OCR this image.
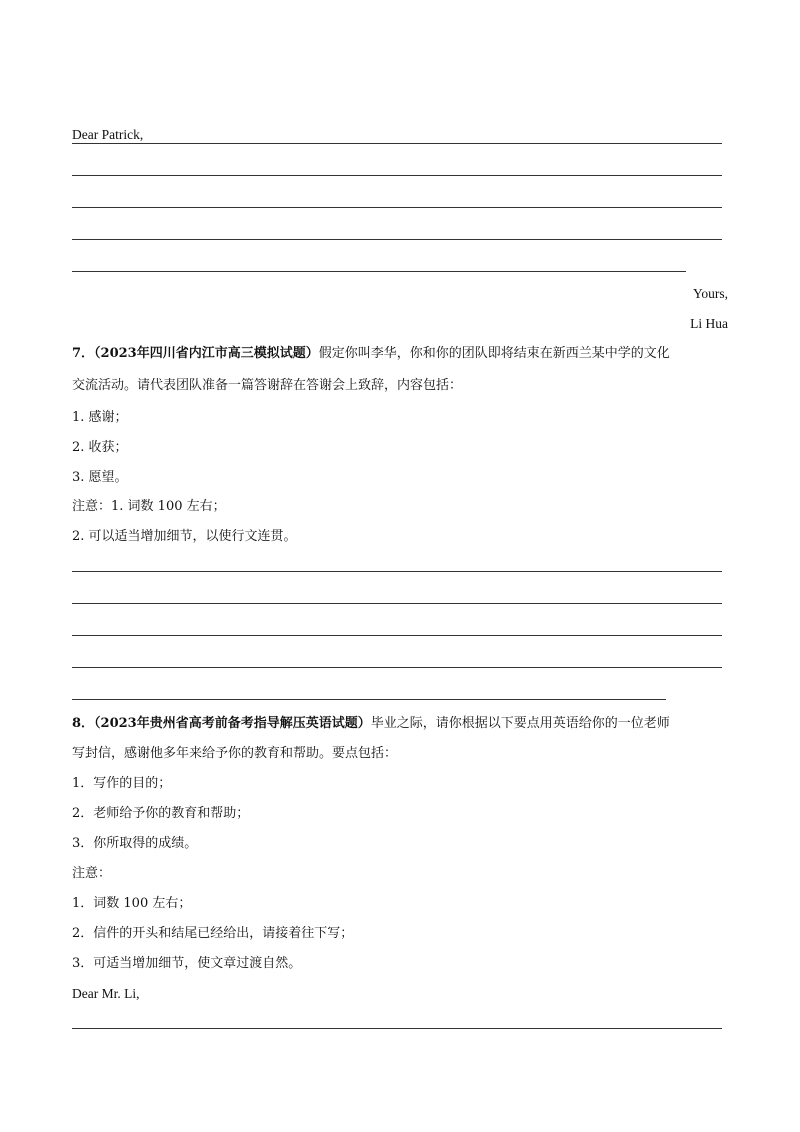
Dear Patrick,
Yours,
Li Hua
7．（2023年四川省内江市高三模拟试题）假定你叫李华，你和你的团队即将结束在新西兰某中学的文化
交流活动。请代表团队准备一篇答谢辞在答谢会上致辞，内容包括：
1. 感谢；
2. 收获；
3. 愿望。
注意：1. 词数 100 左右；
2. 可以适当增加细节，以使行文连贯。
8．（2023年贵州省高考前备考指导解压英语试题）毕业之际，请你根据以下要点用英语给你的一位老师
写封信，感谢他多年来给予你的教育和帮助。要点包括：
1．写作的目的；
2．老师给予你的教育和帮助；
3．你所取得的成绩。
注意：
1．词数 100 左右；
2．信件的开头和结尾已经给出，请接着往下写；
3．可适当增加细节，使文章过渡自然。
Dear Mr. Li,
